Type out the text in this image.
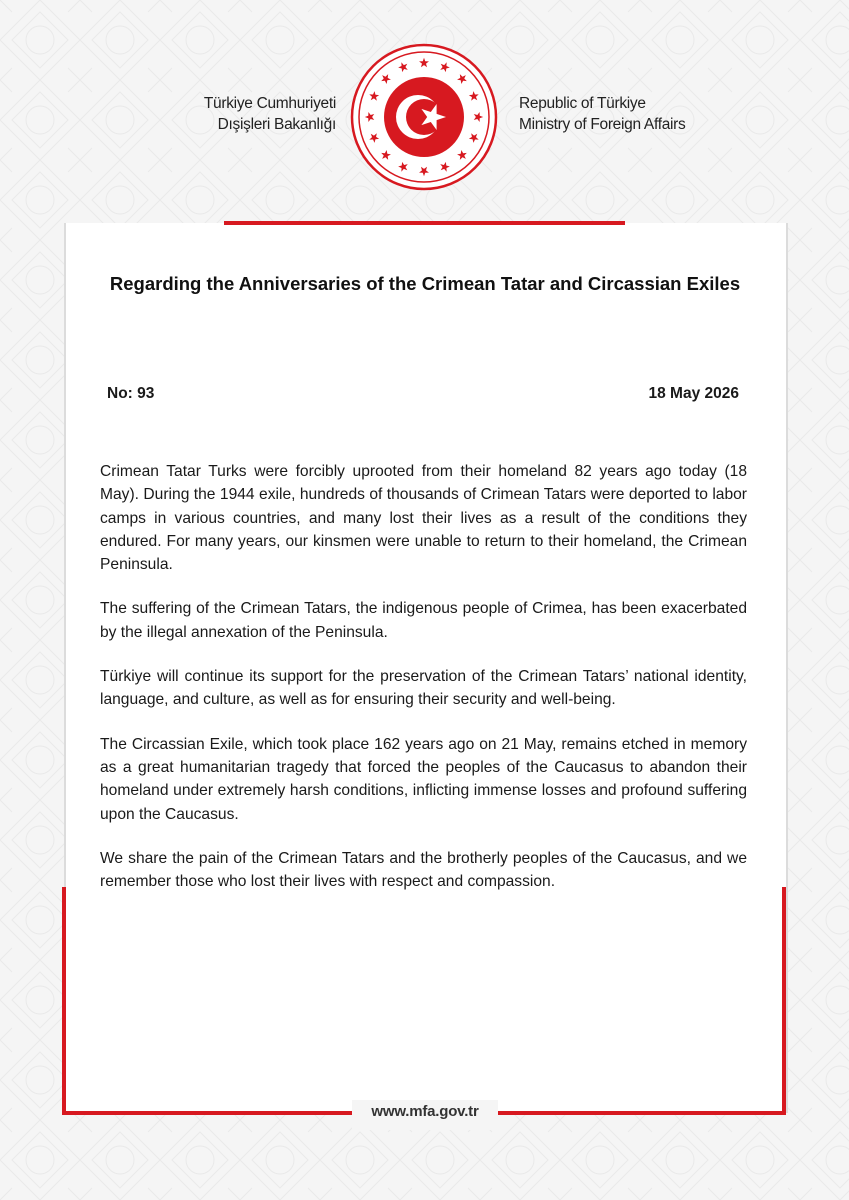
Türkiye Cumhuriyeti
Dışişleri Bakanlığı
Republic of Türkiye
Ministry of Foreign Affairs
Regarding the Anniversaries of the Crimean Tatar and Circassian Exiles
No: 93	18 May 2026

Crimean Tatar Turks were forcibly uprooted from their homeland 82 years ago today (18 May). During the 1944 exile, hundreds of thousands of Crimean Tatars were deported to labor camps in various countries, and many lost their lives as a result of the conditions they endured. For many years, our kinsmen were unable to return to their homeland, the Crimean Peninsula.

The suffering of the Crimean Tatars, the indigenous people of Crimea, has been exacerbated by the illegal annexation of the Peninsula.

Türkiye will continue its support for the preservation of the Crimean Tatars’ national identity, language, and culture, as well as for ensuring their security and well-being.

The Circassian Exile, which took place 162 years ago on 21 May, remains etched in memory as a great humanitarian tragedy that forced the peoples of the Caucasus to abandon their homeland under extremely harsh conditions, inflicting immense losses and profound suffering upon the Caucasus.

We share the pain of the Crimean Tatars and the brotherly peoples of the Caucasus, and we remember those who lost their lives with respect and compassion.

www.mfa.gov.tr
